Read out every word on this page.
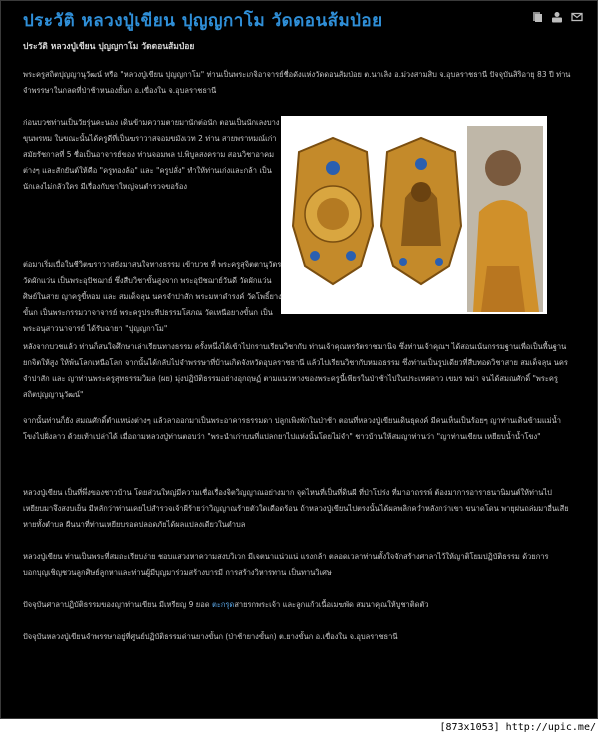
ประวัติ หลวงปู่เขียน ปุญญกาโม วัดดอนส้มป่อย
ประวัติ หลวงปู่เขียน ปุญญกาโม วัดดอนส้มป่อย

พระครูสถิตปุญญานุวัฒน์ หรือ "หลวงปู่เขียน ปุญญกาโม" ท่านเป็นพระเกจิอาจารย์ชื่อดังแห่งวัดดอนส้มป่อย ต.นาเลิง อ.ม่วงสามสิบ จ.อุบลราชธานี ปัจจุบันสิริอายุ 83 ปี ท่านจำพรรษาในกลดที่ป่าช้าหนองยั้นก อ.เขื่องใน จ.อุบลราชธานี

ก่อนบวชท่านเป็นวัยรุ่นคะนอง เดินข้ามความตายมานักต่อนัก ตอนเป็นนักเลงบางขุนพรหม ในขณะนั้นได้ครูดีที่เป็นฆราวาสจอมขมังเวท 2 ท่าน สายพราหมณ์เก่าสมัยรัชกาลที่ 5 ชื่อเป็นอาจารย์ของ ท่านจอมพล ป.พิบูลสงคราม สอนวิชาอาคมต่างๆ และสักยันต์ให้คือ "ครูทองล้อ" และ "ครูปลั่ง" ทำให้ท่านเก่งและกล้า เป็นนักเลงไม่กลัวใคร มีเรื่องกับขาใหญ่จนตำรวจขอร้อง

ต่อมาเริ่มเบื่อในชีวิตฆราวาสยังมาสนใจทางธรรม เข้าบวช ที่ พระครูสุจิตตานุวัตร วัดผักแว่น เป็นพระอุปัชฌาย์ ซึ่งสืบวิชาขั้นสูงจาก พระอุปัชฌาย์วันดี วัดผักแว่น ศิษย์ในสาย ญาครูขี้หอม และ สมเด็จลุน นครจำปาสัก พระมหาดำรงค์ วัดโพธิ์ยางขั้นก เป็นพระกรรมวาจาจารย์ พระครูประทีปธรรมโสภณ วัดเหนือยางขั้นก เป็นพระอนุสาวนาจารย์ ได้รับฉายา "ปุญญกาโม"

หลังจากบวชแล้ว ท่านก็สนใจศึกษาเล่าเรียนทางธรรม ครั้งหนึ่งได้เข้าไปกราบเรียนวิชากับ ท่านเจ้าคุณหรรัตราชมานิจ ซึ่งท่านเจ้าคุณฯ ได้สอนเน้นกรรมฐานเพื่อเป็นพื้นฐานยกจิตให้สูง ให้พ้นโลกเหนือโลก จากนั้นได้กลับไปจำพรรษาที่บ้านเกิดจังหวัดอุบลราชธานี แล้วไปเรียนวิชากับหมอธรรม ซึ่งท่านเป็นรูปเดียวที่สืบทอดวิชาสาย สมเด็จลุน นครจำปาสัก และ ญาท่านพระครูสุทธรรมวิมล (ผย) มุ่งปฏิบัติธรรมอย่างอุกฤษฏ์ ตามแนวทางของพระครูนี้เพียรในป่าช้าไปในประเทศลาว เขมร พม่า จนได้สมณศักดิ์ "พระครูสถิตปุญญานุวัฒน์"

จากนั้นท่านก็ยัง สมณศักดิ์ตำแหน่งต่างๆ แล้วลาออกมาเป็นพระอาคารธรรมดา ปลูกเพิงพักในป่าช้า ตอนที่หลวงปู่เขียนเดินธุดงค์ มีคนเห็นเป็นร้อยๆ ญาท่านเดินข้ามแม่น้ำโขงไปฝั่งลาว ด้วยเท้าเปล่าได้ เมื่อถามหลวงปู่ท่านตอบว่า "พระนำเก่าบนที่แปลกยาไปแห่งนั้นโดยไม่จำ" ชาวบ้านให้สมญาท่านว่า "ญาท่านเขียน เหยียบน้ำน้ำโขง"

หลวงปู่เขียน เป็นที่พึ่งของชาวบ้าน โดยส่วนใหญ่มีความเชื่อเรื่องจิตวิญญาณอย่างมาก จุดไหนที่เป็นที่ดินผี ที่ป่าโปร่ง ที่มาอาถรรพ์ ต้องมาการอาราธนานิมนต์ให้ท่านไปเหยียบมาจึงสงบเย็น มีหลักว่าท่านเคยไปสำรวจเจ้าผีร้ายว่าวิญญาณร้ายตัวใดเดือดร้อน ถ้าหลวงปู่เขียนไปตรงนั้นได้ผลพลิกคว่ำหลังกว่าเขา ขนาดโดน พายุฝนถล่มมาอื่นเสียหายทั้งตำบล ผืนนาที่ท่านเหยียบรอดปลอดภัยได้ผลแปลงเดียวในตำบล

หลวงปู่เขียน ท่านเป็นพระที่สมถะเรียบง่าย ชอบแสวงหาความสงบวิเวก มีเจตนาแน่วแน่ แรงกล้า ตลอดเวลาท่านตั้งใจจักสร้างศาลาไว้ให้ญาติโยมปฏิบัติธรรม ด้วยการบอกบุญเชิญชวนลูกศิษย์ลูกหาและท่านผู้มีบุญมาร่วมสร้างบารมี การสร้างวิหารทาน เป็นทานวิเศษ

ปัจจุบันศาลาปฏิบัติธรรมของญาท่านเขียน มีเหรียญ 9 ยอด ตะกรุดสายรกพระเจ้า และลูกแก้วเนื้อเมฆพัด สมนาคุณให้บูชาติดตัว

ปัจจุบันหลวงปู่เขียนจำพรรษาอยู่ที่ศูนย์ปฏิบัติธรรมด่านยางขั้นก (ป่าช้ายางขั้นก) ต.ยางขั้นก อ.เขื่องใน จ.อุบลราชธานี

[873x1053] http://upic.me/
